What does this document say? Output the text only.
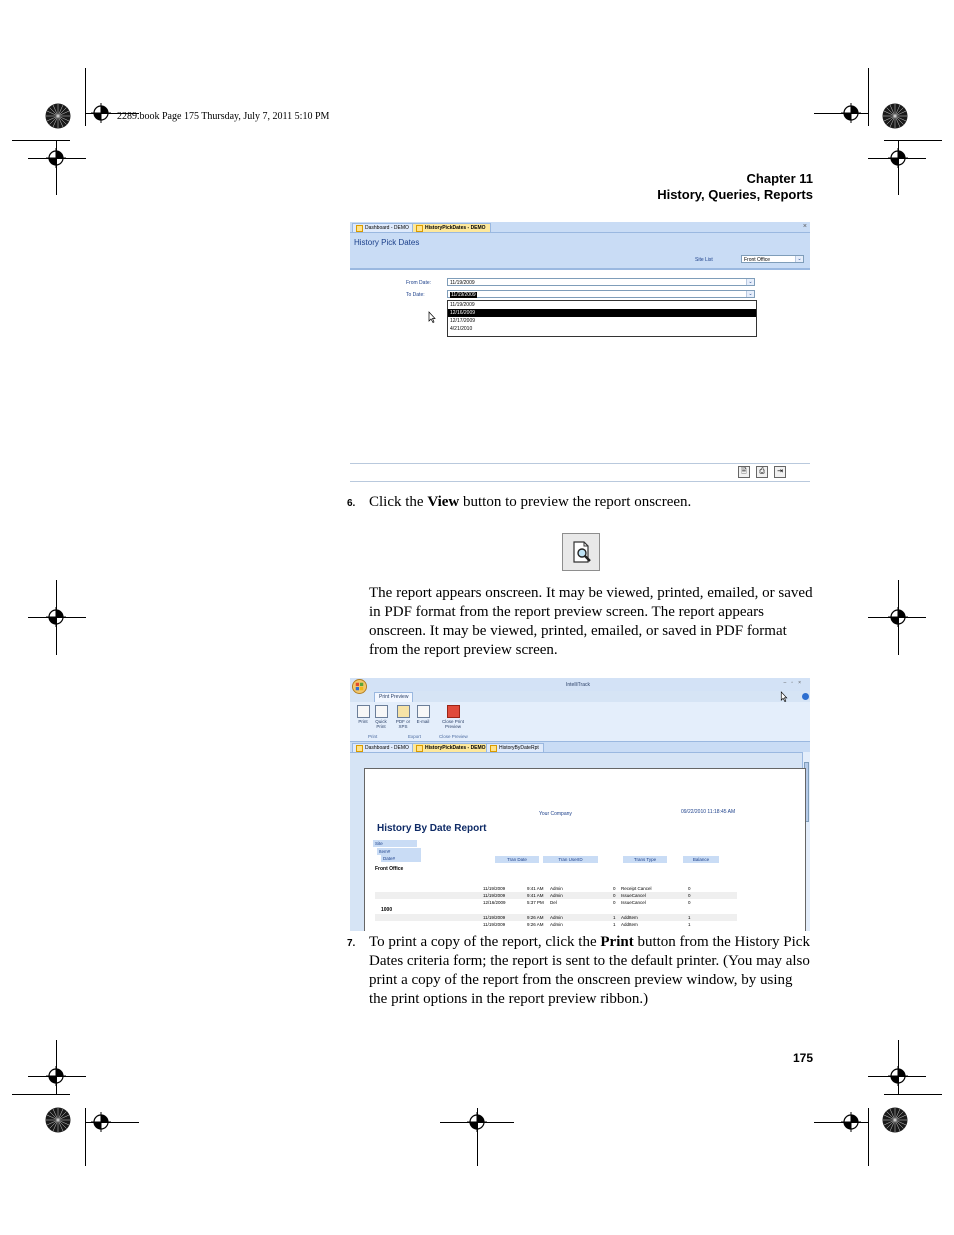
2289.book Page 175 Thursday, July 7, 2011 5:10 PM
Chapter 11
History, Queries, Reports
Dashboard - DEMO	HistoryPickDates - DEMO	×
History Pick Dates
Site List	Front Office	⌄
From Date:	11/19/2009	⌄
To Date:	11/19/2009	⌄
11/19/2009
12/16/2009
12/17/2009
4/21/2010
🗎	⎙	⇥
6. Click the View button to preview the report onscreen.
The report appears onscreen. It may be viewed, printed, emailed, or saved in PDF format from the report preview screen. The report appears onscreen. It may be viewed, printed, emailed, or saved in PDF format from the report preview screen.
IntelliTrack	–▫×
Print Preview
Print	Quick Print
PDF or XPS
E-mail	Close Print Preview
Print	Export	Close Preview
Dashboard - DEMO	HistoryPickDates - DEMO	HistoryByDateRpt
Your Company	09/22/2010 11:18:45 AM
History By Date Report
Site
Item#
Date#	Tran Date	Tran UserID	Trans Type	Balance
Front Office
1000
11/19/2009	9:41 AM Admin	0 Receipt Cancel	0
11/19/2009	9:41 AM Admin	0 IssueCancel	0
12/16/2009	5:37 PM Del	0 IssueCancel	0
11/19/2009	9:26 AM Admin	1 AddItem	1
11/19/2009	9:26 AM Admin	1 AddItem	1
7. To print a copy of the report, click the Print button from the History Pick Dates criteria form; the report is sent to the default printer. (You may also print a copy of the report from the onscreen preview window, by using the print options in the report preview ribbon.)
175
